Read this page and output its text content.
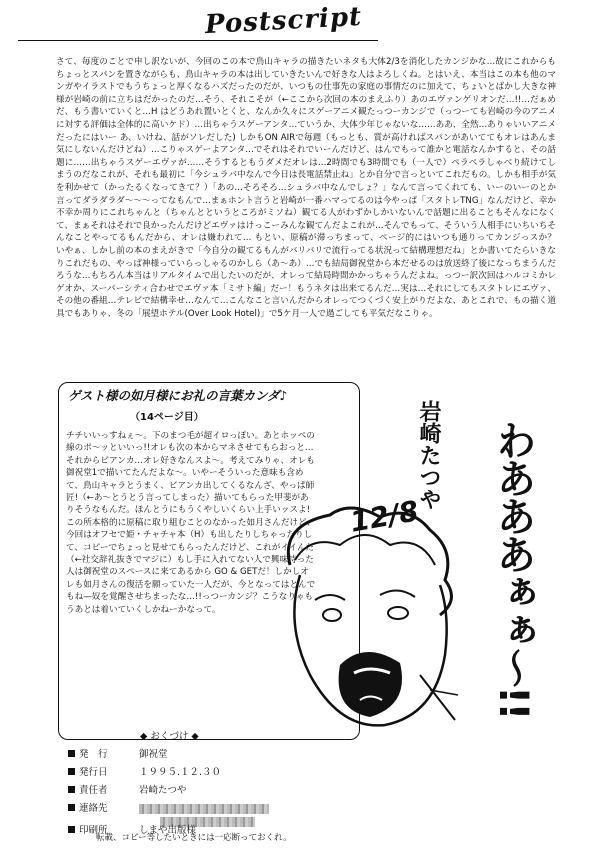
Postscript
さて、毎度のことで申し訳ないが、今回のこの本で鳥山キャラの描きたいネタも大体2/3を消化したカンジかな…故にこれからもちょっとスパンを置きながらも、鳥山キャラの本は出していきたいんで好きな人はよろしくね。とはいえ、本当はこの本も他のマンガやイラストでもうちょっと厚くなるハズだったのだが、いつもの仕事先の家庭の事情だのに加えて、ちょいとばかし大きな神様が岩崎の前に立ちはだかったのだ…そう、それこそが（←ここから次回の本のまえふり）あのエヴァンゲリオンだ…!!…だぁめだ、もう書いていくと…H はどうあれ置いとくと、なんか久々にスゲーアニメ観たっつーカンジで（っつーても岩崎の今のアニメに対する評価は全体的に高いケド）…出ちゃうスゲーアンタ…ていうか、大体少年じゃないな……ああ、全然…ありゃいいアニメだったにはいー あ、いけね、話がソレだした) しかもON AIRで毎週（もっとも、質が高ければスパンがあいててもオレはあんま気にしないんだけどね）…こりゃスゲーよアンタ…でそれはそれでいーんだけど、はんでもって誰かと電話なんかすると、その話題に……出ちゃうスゲーエヴァが……そうするともうダメだオレは…2時間でも3時間でも（一人で）ペラペラしゃべり続けてしまうのだなこれが、それも最初に「今シュラバ中なんで今日は長電話禁止ね」とか自分で言っといてこれだもの。しかも相手が気を利かせて（かったるくなってきて？）「あの…そろそろ…シュラバ中なんでしょ？」なんて言ってくれても、いーのいーのとか言ってダラダラダ〜〜〜ってなもんで…まぁホント言うと岩崎が一番ハマってるのは今やっぱ「スタトレTNG」なんだけど、幸か不幸か周りにこれちゃんと（ちゃんとというところがミソね）観てる人がわずかしかいないんで話題に出ることもそんなになくて、まぁそれはそれで良かったんだけどエヴァはけっこーみんな観てんだよこれが…そんでもって、そういう人相手にいちいちそんなことやってるもんだから、オレは嫌われて… もとい、原稿が滞っちまって、ページ的にはいつも通りってカンジっスか？　いやぁ、しかし前の本のまえがきで「今自分の観てるもんがバリバリで流行ってる状況って結構理想だね」とか書いてたらいきなりこれだもの、やっぱ神様っていらっしゃるのかしら（あ〜あ）…でも結局御祝堂から本だせるのは放送終了後になっちまうんだろうな…もちろん本当はリアルタイムで出したいのだが、オレって結局時間かかっちゃうんだよね。っつー訳次回はハルコミかレゲオか、スーパーシティ合わせでエヴァ本「ミサト編」だー！もうネタは出来てるんだ…実は…それにしてもスタトレにエヴァ、その他の番組…テレビで結構幸せ…なんて…こんなこと言いんだからオレってつくづく安上がりだよな、あとこれで、もの描く道具でもありゃ、冬の「展望ホテル(Over Look Hotel)」で5ケ月一人で過ごしても平気だなこりゃ。
ゲスト様の如月様にお礼の言葉カンダ♪
（14ページ目）
チチいいっすねぇ〜。下のまつ毛が超イロっぽい。あとホッペの線のポ〜ッといいっ!!オレも次の本からマネさせてもらおっと…それからビアンカ…オレ好きなんスよ〜。考えてみりゃ、オレも御祝堂1で描いてたんだよな〜。いやーそういった意味も含めて、鳥山キャラとうまく、ビアンカ出してくるなんざ、やっぱ師匠!（←あ〜とうとう言ってしまった）描いてもらった甲斐がありそうなもんだ。ほんとうにもうくやしいくらい上手いッスよ!　この所本格的に原稿に取り組むことのなかった如月さんだけど、今回はオフセで姫・チャチャ本（H）も出したりしちゃったりして、コピーでちょっと見せてもらったんだけど、これがイイんだ（←社交辞礼抜きでマジに）もし手に入れてない人で興味持った人は御祝堂のスペースに来てあるから GO & GETだ！しかしオレも如月さんの復活を願っていた一人だが、今となってはとんでもね—奴を覚醒させちまったな…!!っつーカンジ？こうなりゃもうあとは着いていくしかねーかなって。
岩崎たつや
12/8	わあああぁぁ〜!!
◆ おくづけ ◆
発　行	御祝堂
発行日	１９９５.１２.３０
責任者	岩崎たつや
連絡先
印刷所	しまや出版様
転載、コピー等したいときには一応断っておくれ。
